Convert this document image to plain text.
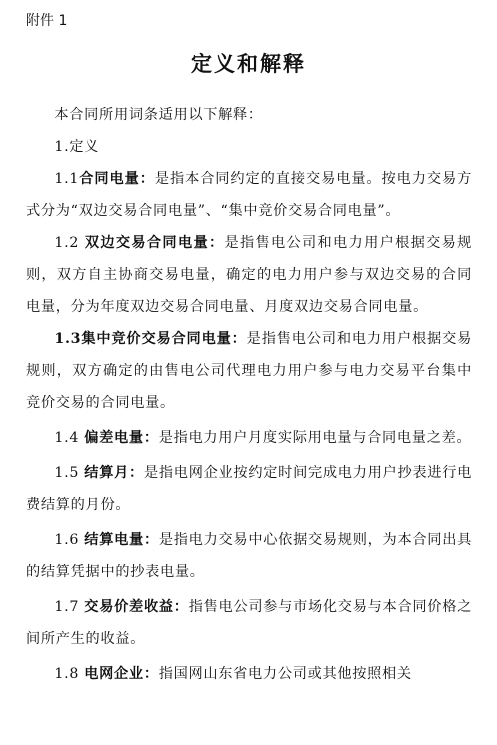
附件 1
定义和解释

本合同所用词条适用以下解释：

1.定义

1.1合同电量：是指本合同约定的直接交易电量。按电力交易方式分为“双边交易合同电量”、“集中竞价交易合同电量”。

1.2 双边交易合同电量：是指售电公司和电力用户根据交易规则，双方自主协商交易电量，确定的电力用户参与双边交易的合同电量，分为年度双边交易合同电量、月度双边交易合同电量。

1.3集中竞价交易合同电量：是指售电公司和电力用户根据交易规则，双方确定的由售电公司代理电力用户参与电力交易平台集中竞价交易的合同电量。

1.4 偏差电量：是指电力用户月度实际用电量与合同电量之差。

1.5 结算月：是指电网企业按约定时间完成电力用户抄表进行电费结算的月份。

1.6 结算电量：是指电力交易中心依据交易规则，为本合同出具的结算凭据中的抄表电量。

1.7 交易价差收益：指售电公司参与市场化交易与本合同价格之间所产生的收益。

1.8 电网企业：指国网山东省电力公司或其他按照相关
